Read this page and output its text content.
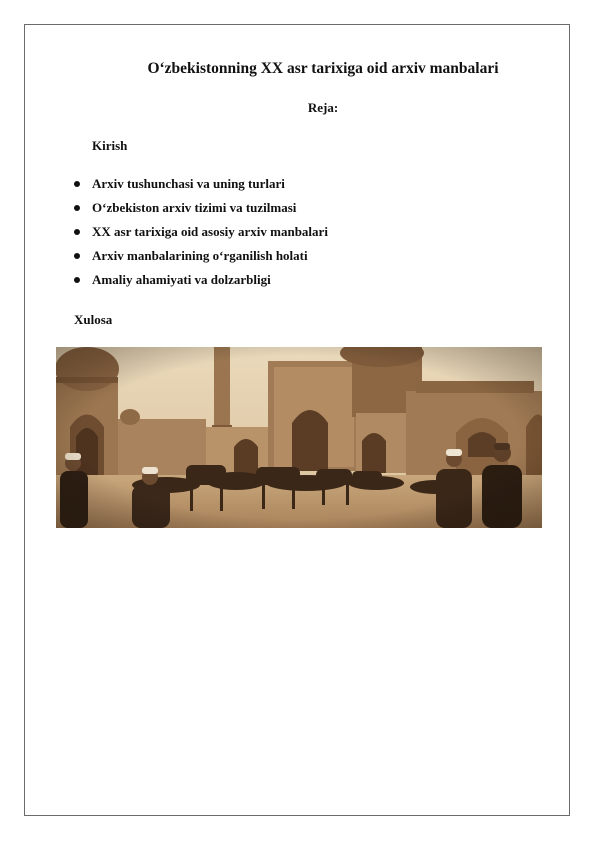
O‘zbekistonning XX asr tarixiga oid arxiv manbalari
Reja:
Kirish
Arxiv tushunchasi va uning turlari
O‘zbekiston arxiv tizimi va tuzilmasi
XX asr tarixiga oid asosiy arxiv manbalari
Arxiv manbalarining o‘rganilish holati
Amaliy ahamiyati va dolzarbligi
Xulosa
